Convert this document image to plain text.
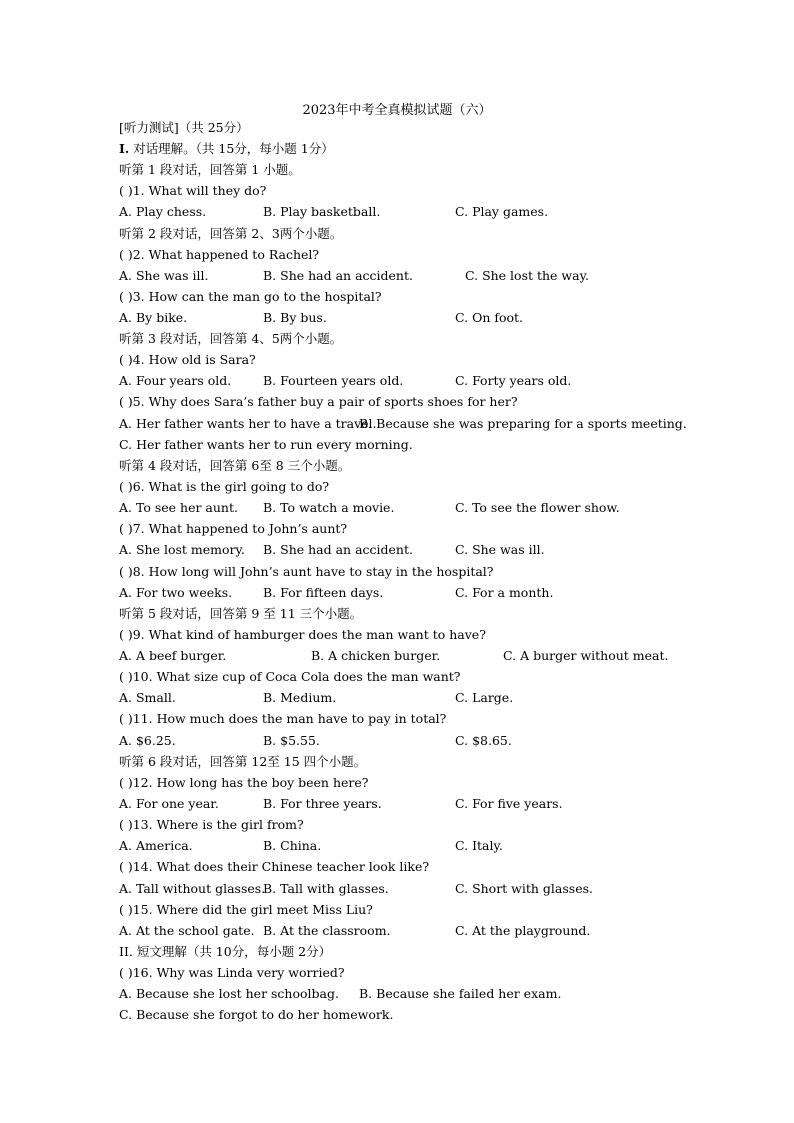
2023年中考全真模拟试题（六）
[听力测试]（共 25分）
I. 对话理解。（共 15分，每小题 1分）
听第 1 段对话，回答第 1 小题。
( )1. What will they do?
A. Play chess.	B. Play basketball.	C. Play games.
听第 2 段对话，回答第 2、3两个小题。
( )2. What happened to Rachel?
A. She was ill.	B. She had an accident.	C. She lost the way.
( )3. How can the man go to the hospital?
A. By bike.	B. By bus.	C. On foot.
听第 3 段对话，回答第 4、5两个小题。
( )4. How old is Sara?
A. Four years old.	B. Fourteen years old.	C. Forty years old.
( )5. Why does Sara’s father buy a pair of sports shoes for her?
A. Her father wants her to have a travel.
B. Because she was preparing for a sports meeting.
C. Her father wants her to run every morning.
听第 4 段对话，回答第 6至 8 三个小题。
( )6. What is the girl going to do?
A. To see her aunt. B. To watch a movie.	C. To see the flower show.
( )7. What happened to John’s aunt?
A. She lost memory. B. She had an accident.	C. She was ill.
( )8. How long will John’s aunt have to stay in the hospital?
A. For two weeks. B. For fifteen days.	C. For a month.
听第 5 段对话，回答第 9 至 11 三个小题。
( )9. What kind of hamburger does the man want to have?
A. A beef burger.	B. A chicken burger.	C. A burger without meat.
( )10. What size cup of Coca Cola does the man want?
A. Small.	B. Medium.	C. Large.
( )11. How much does the man have to pay in total?
A. $6.25.	B. $5.55.	C. $8.65.
听第 6 段对话，回答第 12至 15 四个小题。
( )12. How long has the boy been here?
A. For one year.	B. For three years.	C. For five years.
( )13. Where is the girl from?
A. America.	B. China.	C. Italy.
( )14. What does their Chinese teacher look like?
A. Tall without glasses.
B. Tall with glasses.	C. Short with glasses.
( )15. Where did the girl meet Miss Liu?
A. At the school gate. B. At the classroom.	C. At the playground.
II. 短文理解（共 10分，每小题 2分）
( )16. Why was Linda very worried?
A. Because she lost her schoolbag. B. Because she failed her exam.
C. Because she forgot to do her homework.
